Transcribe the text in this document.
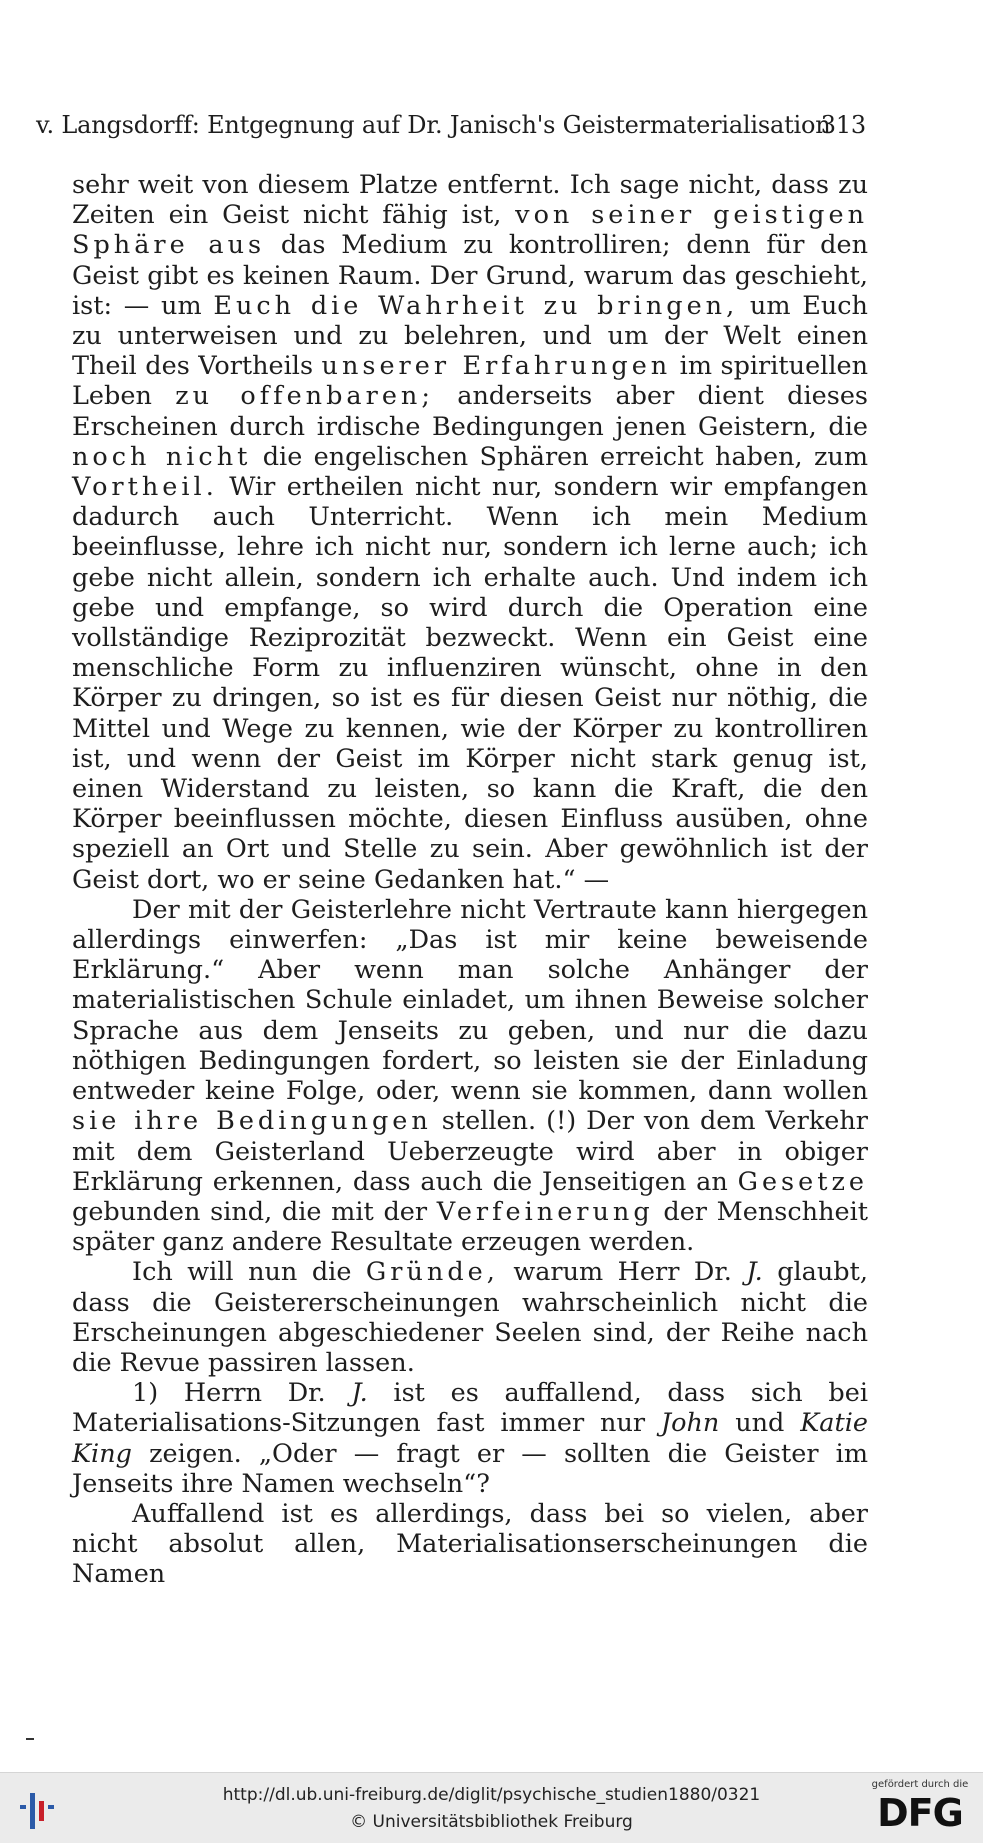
v. Langsdorff: Entgegnung auf Dr. Janisch's Geistermaterialisation
313

sehr weit von diesem Platze entfernt. Ich sage nicht, dass zu Zeiten ein Geist nicht fähig ist, von seiner geistigen Sphäre aus das Medium zu kontrolliren; denn für den Geist gibt es keinen Raum. Der Grund, warum das geschieht, ist: — um Euch die Wahrheit zu bringen, um Euch zu unterweisen und zu belehren, und um der Welt einen Theil des Vortheils unserer Erfahrungen im spirituellen Leben zu offenbaren; anderseits aber dient dieses Erscheinen durch irdische Bedingungen jenen Geistern, die noch nicht die engelischen Sphären erreicht haben, zum Vortheil. Wir ertheilen nicht nur, sondern wir empfangen dadurch auch Unterricht. Wenn ich mein Medium beeinflusse, lehre ich nicht nur, sondern ich lerne auch; ich gebe nicht allein, sondern ich erhalte auch. Und indem ich gebe und empfange, so wird durch die Operation eine vollständige Reziprozität bezweckt. Wenn ein Geist eine menschliche Form zu influenziren wünscht, ohne in den Körper zu dringen, so ist es für diesen Geist nur nöthig, die Mittel und Wege zu kennen, wie der Körper zu kontrolliren ist, und wenn der Geist im Körper nicht stark genug ist, einen Widerstand zu leisten, so kann die Kraft, die den Körper beeinflussen möchte, diesen Einfluss ausüben, ohne speziell an Ort und Stelle zu sein. Aber gewöhnlich ist der Geist dort, wo er seine Gedanken hat.“ —

Der mit der Geisterlehre nicht Vertraute kann hiergegen allerdings einwerfen: „Das ist mir keine beweisende Erklärung.“ Aber wenn man solche Anhänger der materialistischen Schule einladet, um ihnen Beweise solcher Sprache aus dem Jenseits zu geben, und nur die dazu nöthigen Bedingungen fordert, so leisten sie der Einladung entweder keine Folge, oder, wenn sie kommen, dann wollen sie ihre Bedingungen stellen. (!) Der von dem Verkehr mit dem Geisterland Ueberzeugte wird aber in obiger Erklärung erkennen, dass auch die Jenseitigen an Gesetze gebunden sind, die mit der Verfeinerung der Menschheit später ganz andere Resultate erzeugen werden.

Ich will nun die Gründe, warum Herr Dr. J. glaubt, dass die Geistererscheinungen wahrscheinlich nicht die Erscheinungen abgeschiedener Seelen sind, der Reihe nach die Revue passiren lassen.

1) Herrn Dr. J. ist es auffallend, dass sich bei Materialisations-Sitzungen fast immer nur John und Katie King zeigen. „Oder — fragt er — sollten die Geister im Jenseits ihre Namen wechseln“?

Auffallend ist es allerdings, dass bei so vielen, aber nicht absolut allen, Materialisationserscheinungen die Namen

http://dl.ub.uni-freiburg.de/diglit/psychische_studien1880/0321
© Universitätsbibliothek Freiburg
gefördert durch die
DFG
